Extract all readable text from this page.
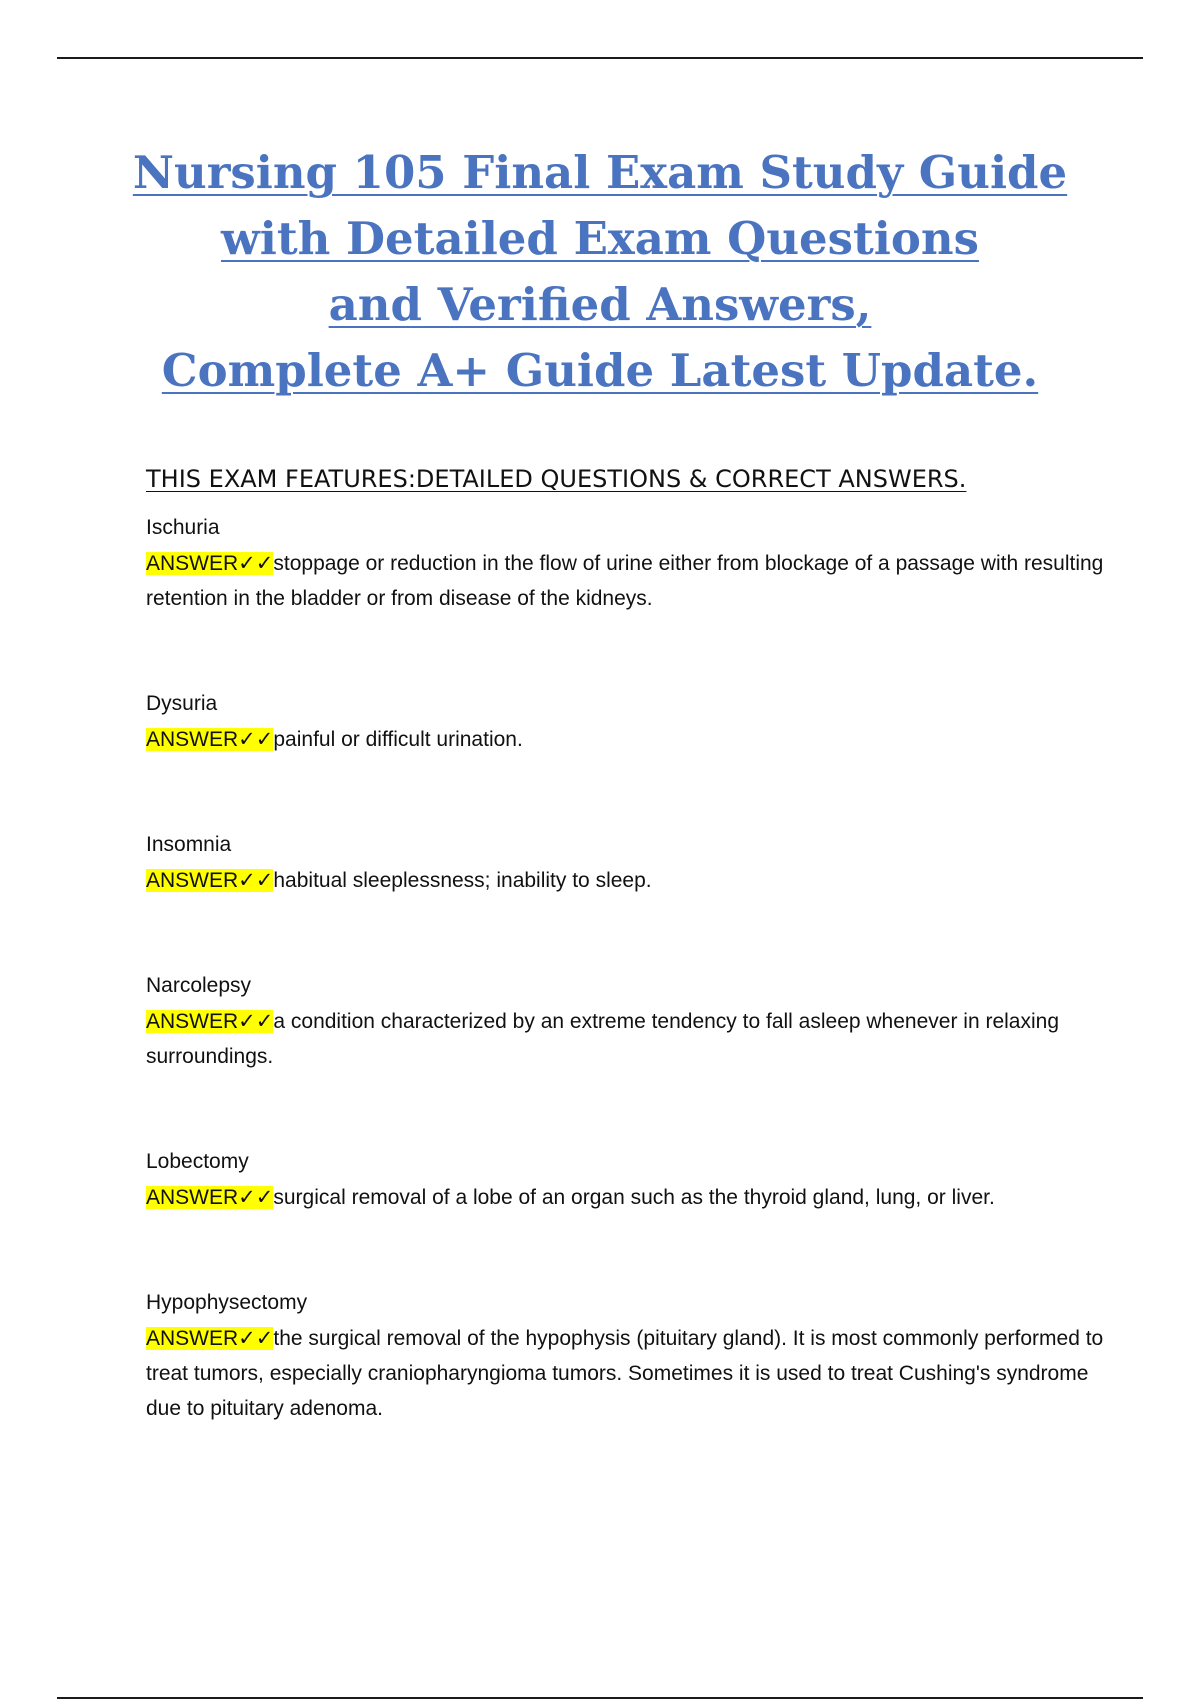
Nursing 105 Final Exam Study Guide
with Detailed Exam Questions
and Verified Answers,
Complete A+ Guide Latest Update.
THIS EXAM FEATURES:DETAILED QUESTIONS & CORRECT ANSWERS.
Ischuria
ANSWER✓✓stoppage or reduction in the flow of urine either from blockage of a passage with resulting retention in the bladder or from disease of the kidneys.
Dysuria
ANSWER✓✓painful or difficult urination.
Insomnia
ANSWER✓✓habitual sleeplessness; inability to sleep.
Narcolepsy
ANSWER✓✓a condition characterized by an extreme tendency to fall asleep whenever in relaxing surroundings.
Lobectomy
ANSWER✓✓surgical removal of a lobe of an organ such as the thyroid gland, lung, or liver.
Hypophysectomy
ANSWER✓✓the surgical removal of the hypophysis (pituitary gland). It is most commonly performed to treat tumors, especially craniopharyngioma tumors. Sometimes it is used to treat Cushing's syndrome due to pituitary adenoma.
